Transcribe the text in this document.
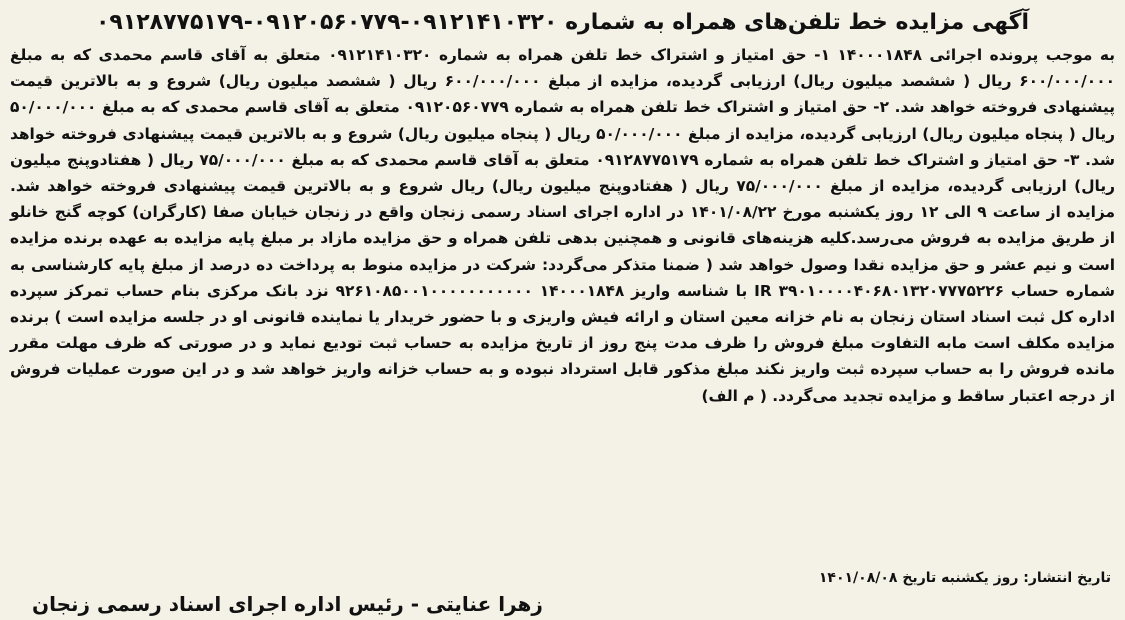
آگهی مزایده خط تلفن‌های همراه به شماره ۰۹۱۲۱۴۱۰۳۲۰-۰۹۱۲۰۵۶۰۷۷۹-۰۹۱۲۸۷۷۵۱۷۹

به موجب پرونده اجرائی ۱۴۰۰۰۱۸۴۸ ۱- حق امتیاز و اشتراک خط تلفن همراه به شماره ۰۹۱۲۱۴۱۰۳۲۰ متعلق به آقای قاسم محمدی که به مبلغ ۶۰۰/۰۰۰/۰۰۰ ریال ( ششصد میلیون ریال) ارزیابی گردیده، مزایده از مبلغ ۶۰۰/۰۰۰/۰۰۰ ریال ( ششصد میلیون ریال) شروع و به بالاترین قیمت پیشنهادی فروخته خواهد شد. ۲- حق امتیاز و اشتراک خط تلفن همراه به شماره ۰۹۱۲۰۵۶۰۷۷۹ متعلق به آقای قاسم محمدی که به مبلغ ۵۰/۰۰۰/۰۰۰ ریال ( پنجاه میلیون ریال) ارزیابی گردیده، مزایده از مبلغ ۵۰/۰۰۰/۰۰۰ ریال ( پنجاه میلیون ریال) شروع و به بالاترین قیمت پیشنهادی فروخته خواهد شد. ۳- حق امتیاز و اشتراک خط تلفن همراه به شماره ۰۹۱۲۸۷۷۵۱۷۹ متعلق به آقای قاسم محمدی که به مبلغ ۷۵/۰۰۰/۰۰۰ ریال ( هفتادوپنج میلیون ریال) ارزیابی گردیده، مزایده از مبلغ ۷۵/۰۰۰/۰۰۰ ریال ( هفتادوپنج میلیون ریال) ریال شروع و به بالاترین قیمت پیشنهادی فروخته خواهد شد. مزایده از ساعت ۹ الی ۱۲ روز یکشنبه مورخ ۱۴۰۱/۰۸/۲۲ در اداره اجرای اسناد رسمی زنجان واقع در زنجان خیابان صفا (کارگران) کوچه گنج خانلو از طریق مزایده به فروش می‌رسد.کلیه هزینه‌های قانونی و همچنین بدهی تلفن همراه و حق مزایده مازاد بر مبلغ پایه مزایده به عهده برنده مزایده است و نیم عشر و حق مزایده نقدا وصول خواهد شد ( ضمنا متذکر می‌گردد: شرکت در مزایده منوط به پرداخت ده درصد از مبلغ پایه کارشناسی به شماره حساب IR ۳۹۰۱۰۰۰۰۴۰۶۸۰۱۳۲۰۷۷۷۵۲۲۶ با شناسه واریز ۱۴۰۰۰۱۸۴۸ ۹۲۶۱۰۸۵۰۰۱۰۰۰۰۰۰۰۰۰۰۰ نزد بانک مرکزی بنام حساب تمرکز سپرده اداره کل ثبت اسناد استان زنجان به نام خزانه معین استان و ارائه فیش واریزی و با حضور خریدار یا نماینده قانونی او در جلسه مزایده است ) برنده مزایده مکلف است مابه التفاوت مبلغ فروش را ظرف مدت پنج روز از تاریخ مزایده به حساب ثبت تودیع نماید و در صورتی که ظرف مهلت مقرر مانده فروش را به حساب سپرده ثبت واریز نکند مبلغ مذکور قابل استرداد نبوده و به حساب خزانه واریز خواهد شد و در این صورت عملیات فروش از درجه اعتبار ساقط و مزایده تجدید می‌گردد. ( م الف)

تاریخ انتشار: روز یکشنبه تاریخ ۱۴۰۱/۰۸/۰۸
زهرا عنایتی - رئیس اداره اجرای اسناد رسمی زنجان
